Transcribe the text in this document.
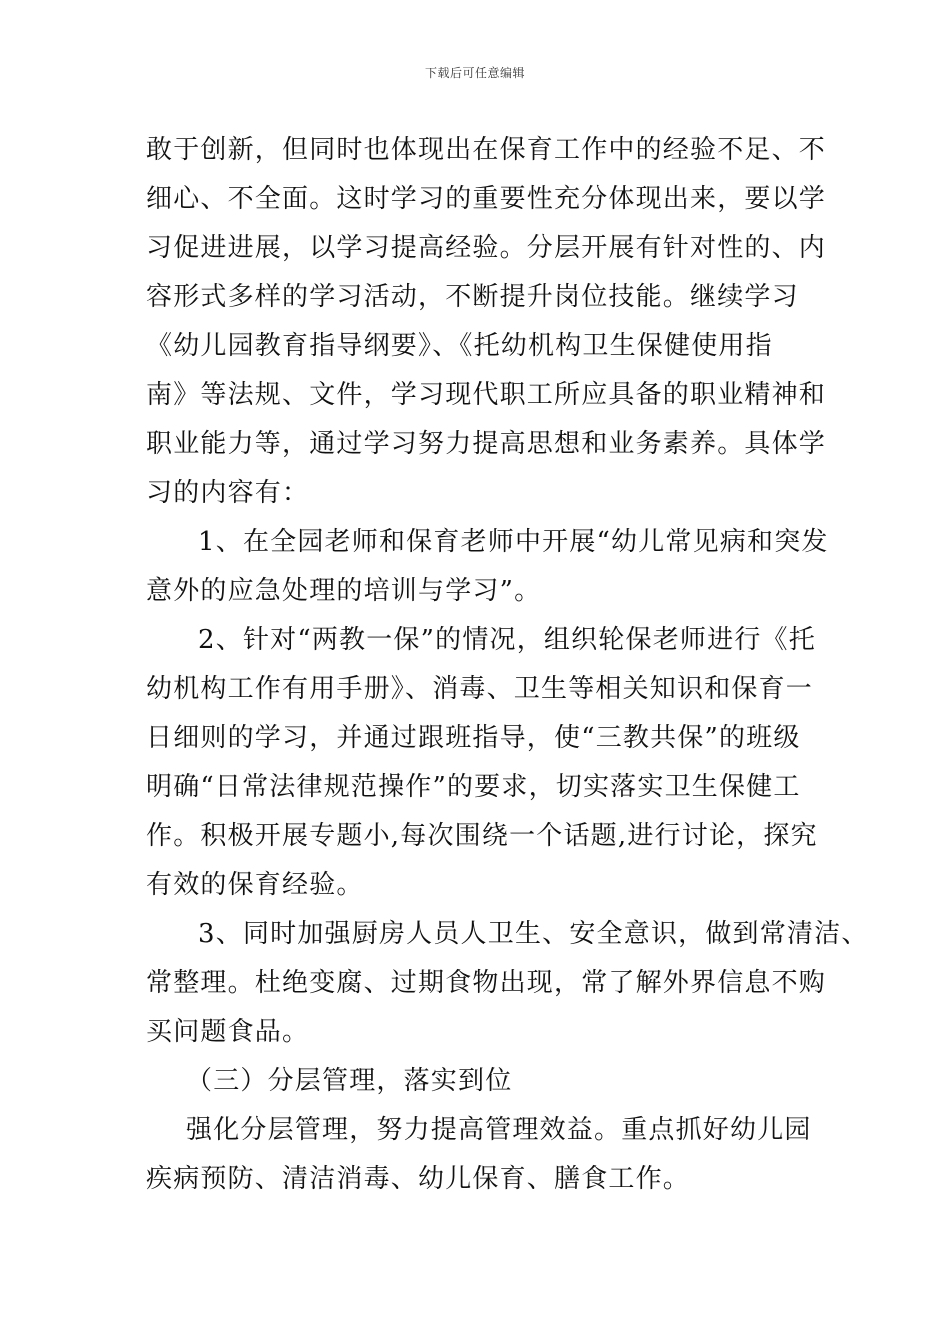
下载后可任意编辑
敢于创新，但同时也体现出在保育工作中的经验不足、不
细心、不全面。这时学习的重要性充分体现出来，要以学
习促进进展，以学习提高经验。分层开展有针对性的、内
容形式多样的学习活动，不断提升岗位技能。继续学习
《幼儿园教育指导纲要》、《托幼机构卫生保健使用指
南》等法规、文件，学习现代职工所应具备的职业精神和
职业能力等，通过学习努力提高思想和业务素养。具体学
习的内容有：
1、在全园老师和保育老师中开展“幼儿常见病和突发
意外的应急处理的培训与学习”。
2、针对“两教一保”的情况，组织轮保老师进行《托
幼机构工作有用手册》、消毒、卫生等相关知识和保育一
日细则的学习，并通过跟班指导，使“三教共保”的班级
明确“日常法律规范操作”的要求，切实落实卫生保健工
作。积极开展专题小,每次围绕一个话题,进行讨论，探究
有效的保育经验。
3、同时加强厨房人员人卫生、安全意识，做到常清洁、
常整理。杜绝变腐、过期食物出现，常了解外界信息不购
买问题食品。
（三）分层管理，落实到位
强化分层管理，努力提高管理效益。重点抓好幼儿园
疾病预防、清洁消毒、幼儿保育、膳食工作。
